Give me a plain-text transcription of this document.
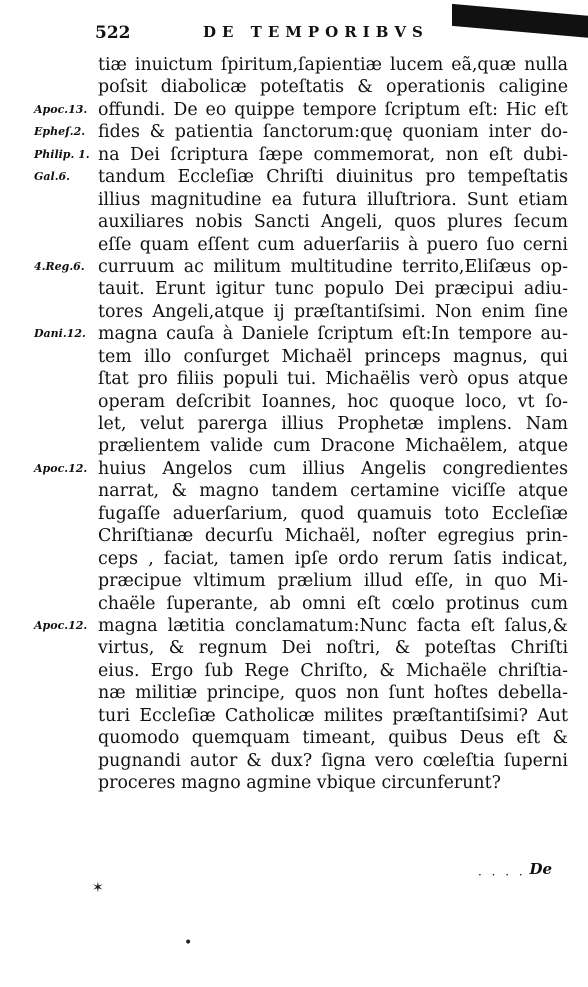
522	DE TEMPORIBVS
Apoc.13.
Epheſ.2.
Philip. 1.
Gal.6.
4.Reg.6.
Dani.12.
Apoc.12.
Apoc.12.
tiæ inuictum ſpiritum,ſapientiæ lucem eã,quæ nulla
poſsit diabolicæ poteſtatis & operationis caligine
offundi. De eo quippe tempore ſcriptum eſt: Hic eſt
fides & patientia ſanctorum:quę quoniam inter do-
na Dei ſcriptura ſæpe commemorat, non eſt dubi-
tandum Eccleſiæ Chriſti diuinitus pro tempeſtatis
illius magnitudine ea futura illuſtriora. Sunt etiam
auxiliares nobis Sancti Angeli, quos plures ſecum
eſſe quam eſſent cum aduerſariis à puero ſuo cerni
curruum ac militum multitudine territo,Eliſæus op-
tauit. Erunt igitur tunc populo Dei præcipui adiu-
tores Angeli,atque ij præſtantiſsimi. Non enim ſine
magna cauſa à Daniele ſcriptum eſt:In tempore au-
tem illo conſurget Michaël princeps magnus, qui
ſtat pro filiis populi tui. Michaëlis verò opus atque
operam deſcribit Ioannes, hoc quoque loco, vt ſo-
let, velut parerga illius Prophetæ implens. Nam
prælientem valide cum Dracone Michaëlem, atque
huius Angelos cum illius Angelis congredientes
narrat, & magno tandem certamine viciſſe atque
fugaſſe aduerſarium, quod quamuis toto Eccleſiæ
Chriſtianæ decurſu Michaël, noſter egregius prin-
ceps , faciat, tamen ipſe ordo rerum ſatis indicat,
præcipue vltimum prælium illud eſſe, in quo Mi-
chaële ſuperante, ab omni eſt cœlo protinus cum
magna lætitia conclamatum:Nunc facta eſt ſalus,&
virtus, & regnum Dei noſtri, & poteſtas Chriſti
eius. Ergo ſub Rege Chriſto, & Michaële chriſtia-
næ militiæ principe, quos non ſunt hoſtes debella-
turi Eccleſiæ Catholicæ milites præſtantiſsimi? Aut
quomodo quemquam timeant, quibus Deus eſt &
pugnandi autor & dux? ſigna vero cœleſtia ſuperni
proceres magno agmine vbique circunferunt?
· · · · De
✶
•
